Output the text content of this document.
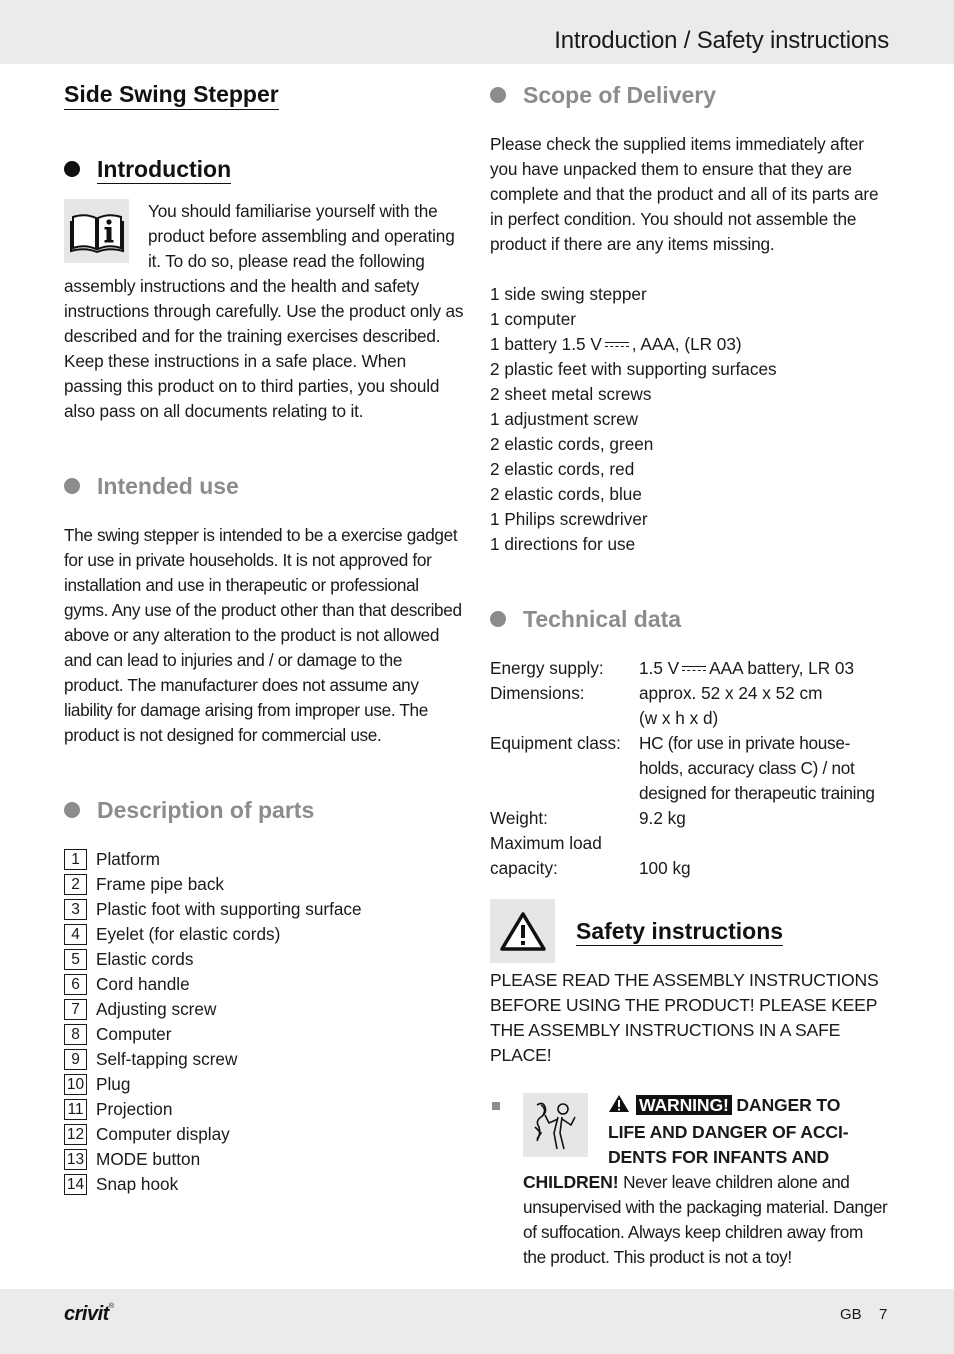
Introduction / Safety instructions
Side Swing Stepper
Introduction

You should familiarise yourself with the product before assembling and operating it. To do so, please read the following assembly instructions and the health and safety instructions through carefully. Use the product only as described and for the training exercises described. Keep these instructions in a safe place. When passing this product on to third parties, you should also pass on all documents relating to it.

Intended use

The swing stepper is intended to be a exercise gadget for use in private households. It is not approved for installation and use in therapeutic or professional gyms. Any use of the product other than that described above or any alteration to the product is not allowed and can lead to injuries and / or damage to the product. The manufacturer does not assume any liability for damage arising from improper use. The product is not designed for commercial use.

Description of parts
1 Platform
2 Frame pipe back
3 Plastic foot with supporting surface
4 Eyelet (for elastic cords)
5 Elastic cords
6 Cord handle
7 Adjusting screw
8 Computer
9 Self-tapping screw
10 Plug
11 Projection
12 Computer display
13 MODE button
14 Snap hook
Scope of Delivery

Please check the supplied items immediately after you have unpacked them to ensure that they are complete and that the product and all of its parts are in perfect condition. You should not assemble the product if there are any items missing.

1 side swing stepper
1 computer
1 battery 1.5 V , AAA, (LR 03)
2 plastic feet with supporting surfaces
2 sheet metal screws
1 adjustment screw
2 elastic cords, green
2 elastic cords, red
2 elastic cords, blue
1 Philips screwdriver
1 directions for use
Technical data
Energy supply:	1.5 V AAA battery, LR 03
Dimensions:	approx. 52 x 24 x 52 cm
(w x h x d)
Equipment class:	HC (for use in private house-holds, accuracy class C) / not designed for therapeutic training
Weight:	9.2 kg
Maximum load
capacity:	100 kg
Safety instructions

PLEASE READ THE ASSEMBLY INSTRUCTIONS BEFORE USING THE PRODUCT! PLEASE KEEP THE ASSEMBLY INSTRUCTIONS IN A SAFE PLACE!

WARNING! DANGER TO
LIFE AND DANGER OF ACCI-
DENTS FOR INFANTS AND
CHILDREN! Never leave children alone and unsupervised with the packaging material. Danger of suffocation. Always keep children away from the product. This product is not a toy!
crivit®	GB 7
